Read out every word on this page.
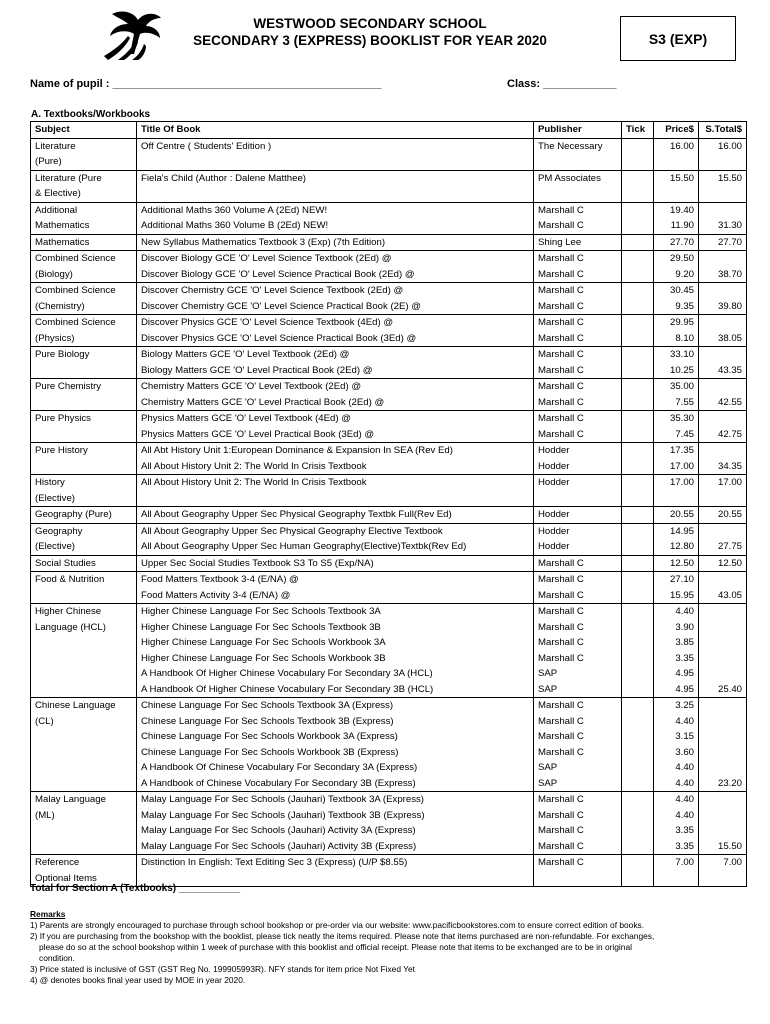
WESTWOOD SECONDARY SCHOOL
SECONDARY 3 (EXPRESS) BOOKLIST FOR YEAR 2020	S3 (EXP)
Name of pupil : ____________________________________________	Class: ____________
A. Textbooks/Workbooks
Subject	Title Of Book	Publisher	Tick	Price$	S.Total$
Literature	Off Centre ( Students' Edition )	The Necessary		16.00	16.00
(Pure)					
Literature (Pure	Fiela's Child (Author : Dalene Matthee)	PM Associates		15.50	15.50
& Elective)					
Additional	Additional Maths 360 Volume A (2Ed) NEW!	Marshall C		19.40	
Mathematics	Additional Maths 360 Volume B (2Ed) NEW!	Marshall C		11.90	31.30
Mathematics	New Syllabus Mathematics Textbook 3 (Exp) (7th Edition)	Shing Lee		27.70	27.70
Combined Science	Discover Biology GCE 'O' Level Science Textbook (2Ed) @	Marshall C		29.50	
(Biology)	Discover Biology GCE 'O' Level Science Practical Book (2Ed) @	Marshall C		9.20	38.70
Combined Science	Discover Chemistry GCE 'O' Level Science Textbook (2Ed) @	Marshall C		30.45	
(Chemistry)	Discover Chemistry GCE 'O' Level Science Practical Book (2E) @	Marshall C		9.35	39.80
Combined Science	Discover Physics GCE 'O' Level Science Textbook (4Ed) @	Marshall C		29.95	
(Physics)	Discover Physics GCE 'O' Level Science Practical Book (3Ed) @	Marshall C		8.10	38.05
Pure Biology	Biology Matters GCE 'O' Level Textbook (2Ed) @	Marshall C		33.10	
	Biology Matters GCE 'O' Level Practical Book (2Ed) @	Marshall C		10.25	43.35
Pure Chemistry	Chemistry Matters GCE 'O' Level Textbook (2Ed) @	Marshall C		35.00	
	Chemistry Matters GCE 'O' Level Practical Book (2Ed) @	Marshall C		7.55	42.55
Pure Physics	Physics Matters GCE 'O' Level Textbook (4Ed) @	Marshall C		35.30	
	Physics Matters GCE 'O' Level Practical Book (3Ed) @	Marshall C		7.45	42.75
Pure History	All Abt History Unit 1:European Dominance & Expansion In SEA (Rev Ed)	Hodder		17.35	
	All About History Unit 2: The World In Crisis Textbook	Hodder		17.00	34.35
History	All About History Unit 2: The World In Crisis Textbook	Hodder		17.00	17.00
(Elective)					
Geography (Pure)	All About Geography Upper Sec Physical Geography Textbk Full(Rev Ed)	Hodder		20.55	20.55
Geography	All About Geography Upper Sec Physical Geography Elective Textbook	Hodder		14.95	
(Elective)	All About Geography Upper Sec Human Geography(Elective)Textbk(Rev Ed)	Hodder		12.80	27.75
Social Studies	Upper Sec Social Studies Textbook S3 To S5 (Exp/NA)	Marshall C		12.50	12.50
Food & Nutrition	Food Matters Textbook 3-4 (E/NA) @	Marshall C		27.10	
	Food Matters Activity 3-4 (E/NA) @	Marshall C		15.95	43.05
Higher Chinese	Higher Chinese Language For Sec Schools Textbook 3A	Marshall C		4.40	
Language (HCL)	Higher Chinese Language For Sec Schools Textbook 3B	Marshall C		3.90	
	Higher Chinese Language For Sec Schools Workbook 3A	Marshall C		3.85	
	Higher Chinese Language For Sec Schools Workbook 3B	Marshall C		3.35	
	A Handbook Of Higher Chinese Vocabulary For Secondary 3A (HCL)	SAP		4.95	
	A Handbook Of Higher Chinese Vocabulary For Secondary 3B (HCL)	SAP		4.95	25.40
Chinese Language	Chinese Language For Sec Schools Textbook 3A (Express)	Marshall C		3.25	
(CL)	Chinese Language For Sec Schools Textbook 3B (Express)	Marshall C		4.40	
	Chinese Language For Sec Schools Workbook 3A (Express)	Marshall C		3.15	
	Chinese Language For Sec Schools Workbook 3B (Express)	Marshall C		3.60	
	A Handbook Of Chinese Vocabulary For Secondary 3A (Express)	SAP		4.40	
	A Handbook of Chinese Vocabulary For Secondary 3B (Express)	SAP		4.40	23.20
Malay Language	Malay Language For Sec Schools (Jauhari) Textbook 3A (Express)	Marshall C		4.40	
(ML)	Malay Language For Sec Schools (Jauhari) Textbook 3B (Express)	Marshall C		4.40	
	Malay Language For Sec Schools (Jauhari) Activity 3A (Express)	Marshall C		3.35	
	Malay Language For Sec Schools (Jauhari) Activity 3B (Express)	Marshall C		3.35	15.50
Reference	Distinction In English: Text Editing Sec 3 (Express) (U/P $8.55)	Marshall C		7.00	7.00
Optional Items					
Total for Section A (Textbooks) ___________
Remarks
1) Parents are strongly encouraged to purchase through school bookshop or pre-order via our website: www.pacificbookstores.com to ensure correct edition of books.
2) If you are purchasing from the bookshop with the booklist, please tick neatly the items required. Please note that items purchased are non-refundable. For exchanges,
please do so at the school bookshop within 1 week of purchase with this booklist and official receipt. Please note that items to be exchanged are to be in original
condition.
3) Price stated is inclusive of GST (GST Reg No. 199905993R). NFY stands for item price Not Fixed Yet
4) @ denotes books final year used by MOE in year 2020.
